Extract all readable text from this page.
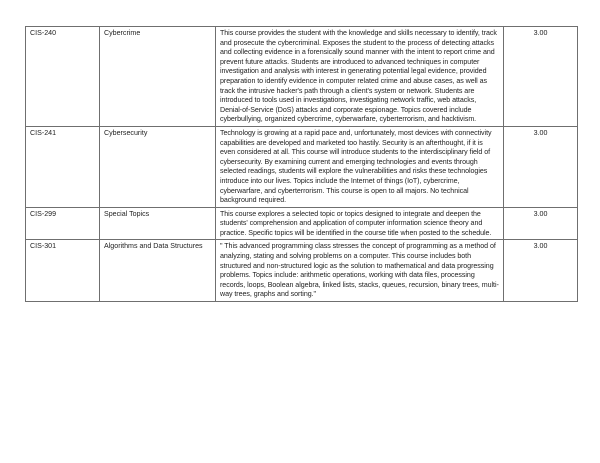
CIS-240	Cybercrime	This course provides the student with the knowledge and skills necessary to identify, track and prosecute the cybercriminal. Exposes the student to the process of detecting attacks and collecting evidence in a forensically sound manner with the intent to report crime and prevent future attacks. Students are introduced to advanced techniques in computer investigation and analysis with interest in generating potential legal evidence, provided preparation to identify evidence in computer related crime and abuse cases, as well as track the intrusive hacker's path through a client's system or network. Students are introduced to tools used in investigations, investigating network traffic, web attacks, Denial-of-Service (DoS) attacks and corporate espionage. Topics covered include cyberbullying, organized cybercrime, cyberwarfare, cyberterrorism, and hacktivism.	3.00
CIS-241	Cybersecurity	Technology is growing at a rapid pace and, unfortunately, most devices with connectivity capabilities are developed and marketed too hastily. Security is an afterthought, if it is even considered at all. This course will introduce students to the interdisciplinary field of cybersecurity. By examining current and emerging technologies and events through selected readings, students will explore the vulnerabilities and risks these technologies introduce into our lives. Topics include the Internet of things (IoT), cybercrime, cyberwarfare, and cyberterrorism. This course is open to all majors. No technical background required.	3.00
CIS-299	Special Topics	This course explores a selected topic or topics designed to integrate and deepen the students' comprehension and application of computer information science theory and practice. Specific topics will be identified in the course title when posted to the schedule.	3.00
CIS-301	Algorithms and Data Structures	" This advanced programming class stresses the concept of programming as a method of analyzing, stating and solving problems on a computer. This course includes both structured and non-structured logic as the solution to mathematical and data progressing problems. Topics include: arithmetic operations, working with data files, processing records, loops, Boolean algebra, linked lists, stacks, queues, recursion, binary trees, multi-way trees, graphs and sorting."	3.00
